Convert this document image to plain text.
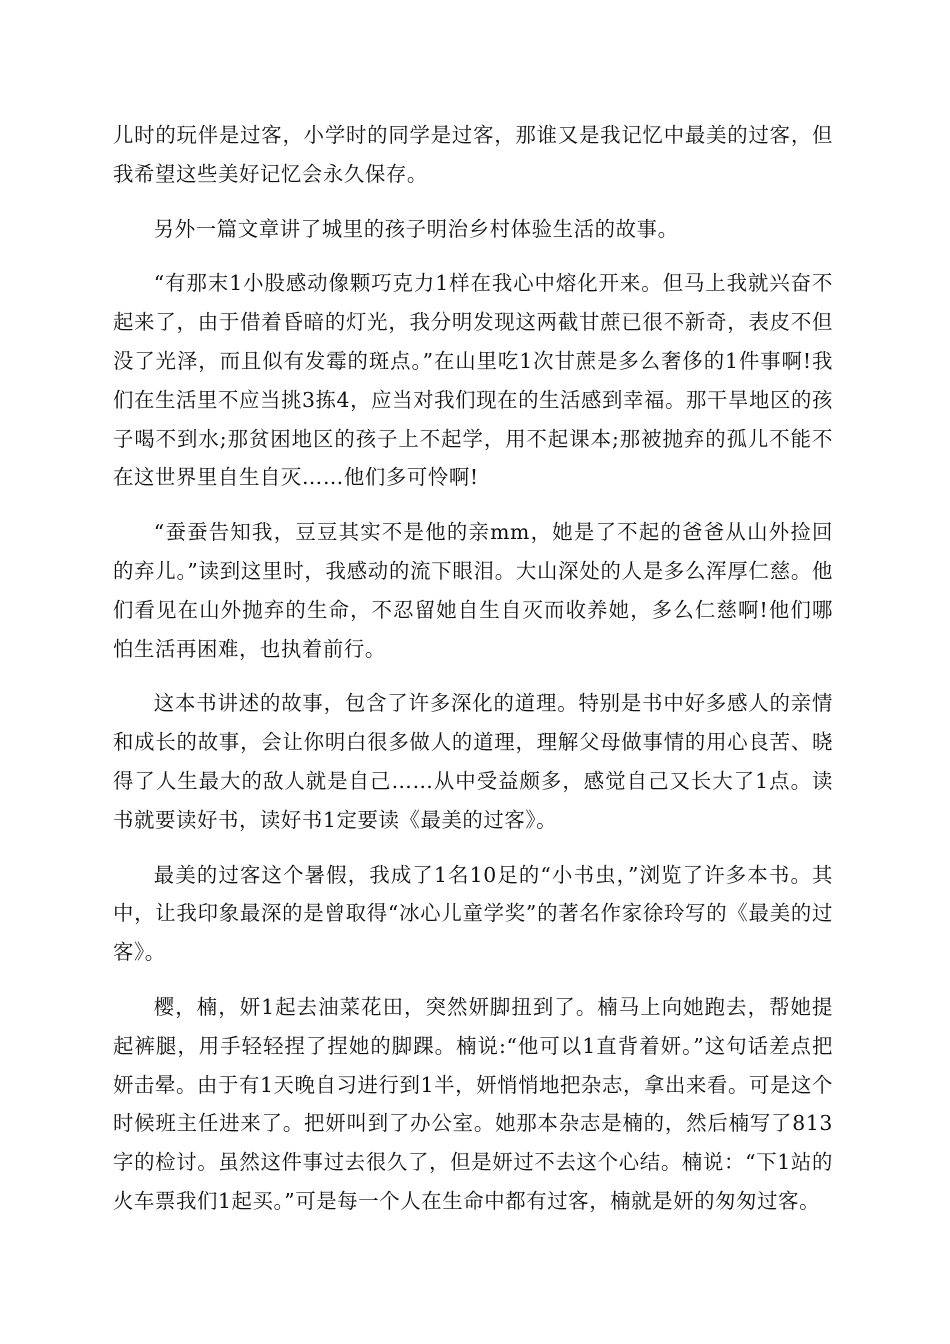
儿时的玩伴是过客，小学时的同学是过客，那谁又是我记忆中最美的过客，但我希望这些美好记忆会永久保存。

另外一篇文章讲了城里的孩子明治乡村体验生活的故事。

“有那末1小股感动像颗巧克力1样在我心中熔化开来。但马上我就兴奋不起来了，由于借着昏暗的灯光，我分明发现这两截甘蔗已很不新奇，表皮不但没了光泽，而且似有发霉的斑点。”在山里吃1次甘蔗是多么奢侈的1件事啊!我们在生活里不应当挑3拣4，应当对我们现在的生活感到幸福。那干旱地区的孩子喝不到水;那贫困地区的孩子上不起学，用不起课本;那被抛弃的孤儿不能不在这世界里自生自灭……他们多可怜啊!

“蚕蚕告知我，豆豆其实不是他的亲mm，她是了不起的爸爸从山外捡回的弃儿。”读到这里时，我感动的流下眼泪。大山深处的人是多么浑厚仁慈。他们看见在山外抛弃的生命，不忍留她自生自灭而收养她，多么仁慈啊!他们哪怕生活再困难，也执着前行。

这本书讲述的故事，包含了许多深化的道理。特别是书中好多感人的亲情和成长的故事，会让你明白很多做人的道理，理解父母做事情的用心良苦、晓得了人生最大的敌人就是自己……从中受益颇多，感觉自己又长大了1点。读书就要读好书，读好书1定要读《最美的过客》。

最美的过客这个暑假，我成了1名10足的“小书虫，”浏览了许多本书。其中，让我印象最深的是曾取得“冰心儿童学奖”的著名作家徐玲写的《最美的过客》。

樱，楠，妍1起去油菜花田，突然妍脚扭到了。楠马上向她跑去，帮她提起裤腿，用手轻轻捏了捏她的脚踝。楠说:“他可以1直背着妍。”这句话差点把妍击晕。由于有1天晚自习进行到1半，妍悄悄地把杂志，拿出来看。可是这个时候班主任进来了。把妍叫到了办公室。她那本杂志是楠的，然后楠写了813字的检讨。虽然这件事过去很久了，但是妍过不去这个心结。楠说：“下1站的火车票我们1起买。”可是每一个人在生命中都有过客，楠就是妍的匆匆过客。
